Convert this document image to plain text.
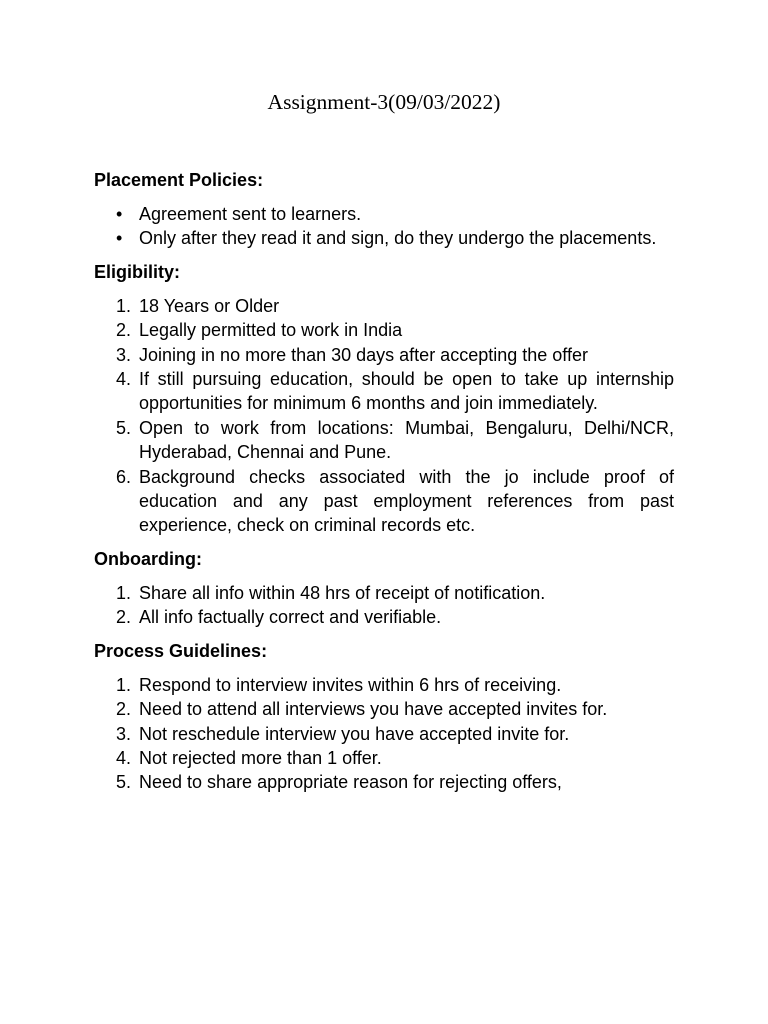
Assignment-3(09/03/2022)

Placement Policies:

• Agreement sent to learners.
• Only after they read it and sign, do they undergo the placements.

Eligibility:

1. 18 Years or Older
2. Legally permitted to work in India
3. Joining in no more than 30 days after accepting the offer
4. If still pursuing education, should be open to take up internship opportunities for minimum 6 months and join immediately.
5. Open to work from locations: Mumbai, Bengaluru, Delhi/NCR, Hyderabad, Chennai and Pune.
6. Background checks associated with the jo include proof of education and any past employment references from past experience, check on criminal records etc.

Onboarding:

1. Share all info within 48 hrs of receipt of notification.
2. All info factually correct and verifiable.

Process Guidelines:

1. Respond to interview invites within 6 hrs of receiving.
2. Need to attend all interviews you have accepted invites for.
3. Not reschedule interview you have accepted invite for.
4. Not rejected more than 1 offer.
5. Need to share appropriate reason for rejecting offers,
